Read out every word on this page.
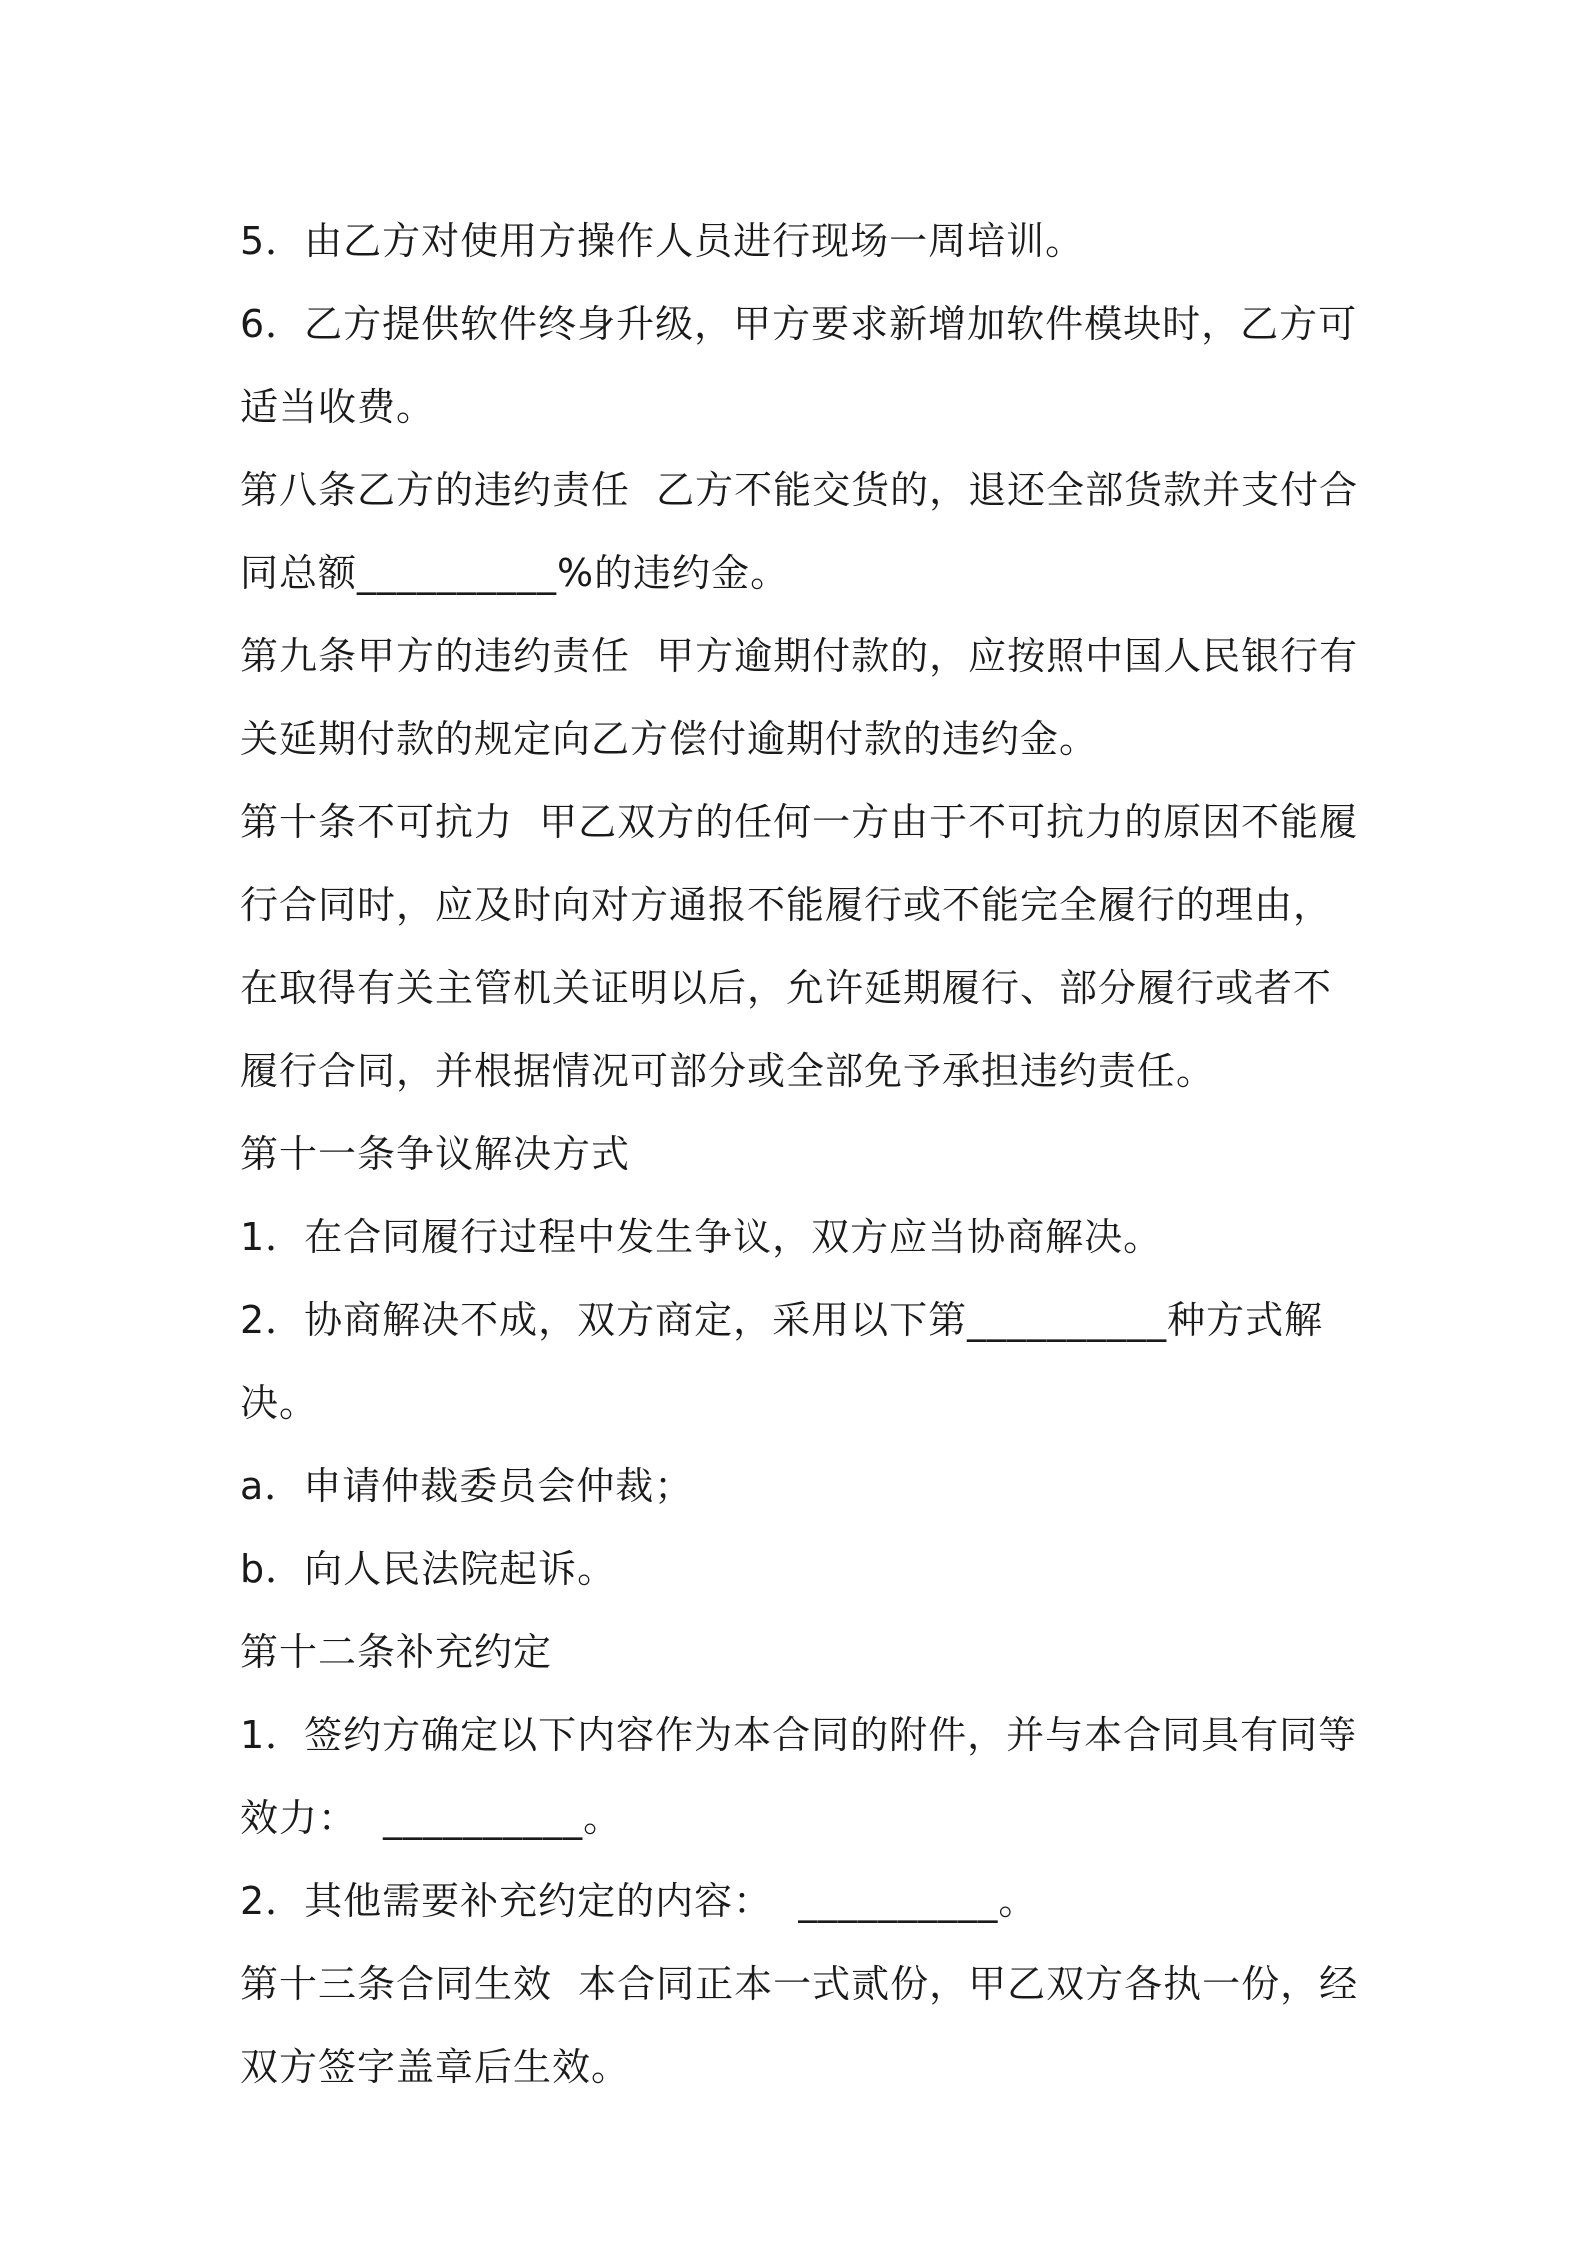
5．由乙方对使用方操作人员进行现场一周培训。

6．乙方提供软件终身升级，甲方要求新增加软件模块时，乙方可适当收费。

第八条乙方的违约责任  乙方不能交货的，退还全部货款并支付合同总额__________%的违约金。

第九条甲方的违约责任  甲方逾期付款的，应按照中国人民银行有关延期付款的规定向乙方偿付逾期付款的违约金。

第十条不可抗力  甲乙双方的任何一方由于不可抗力的原因不能履行合同时，应及时向对方通报不能履行或不能完全履行的理由，在取得有关主管机关证明以后，允许延期履行、部分履行或者不履行合同，并根据情况可部分或全部免予承担违约责任。

第十一条争议解决方式

1．在合同履行过程中发生争议，双方应当协商解决。

2．协商解决不成，双方商定，采用以下第__________种方式解决。

a．申请仲裁委员会仲裁；

b．向人民法院起诉。

第十二条补充约定

1．签约方确定以下内容作为本合同的附件，并与本合同具有同等效力：  __________。

2．其他需要补充约定的内容：  __________。

第十三条合同生效  本合同正本一式贰份，甲乙双方各执一份，经双方签字盖章后生效。
